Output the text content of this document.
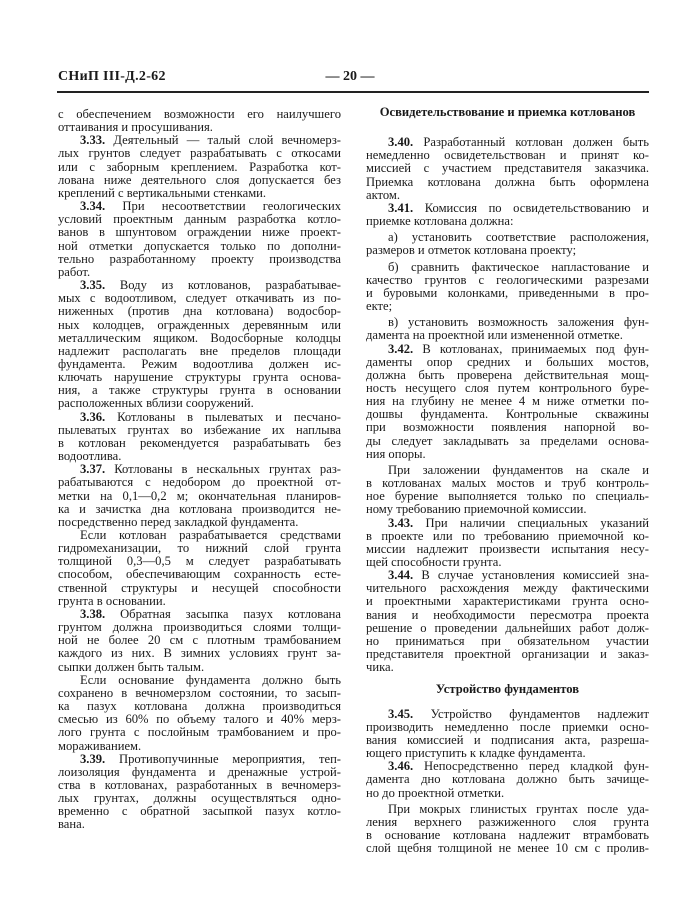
СНиП III-Д.2-62	— 20 —
с обеспечением возможности его наилучшего
оттаивания и просушивания.
3.33. Деятельный — талый слой вечномерз-
лых грунтов следует разрабатывать с откосами
или с заборным креплением. Разработка кот-
лована ниже деятельного слоя допускается без
креплений с вертикальными стенками.
3.34. При несоответствии геологических
условий проектным данным разработка котло-
ванов в шпунтовом ограждении ниже проект-
ной отметки допускается только по дополни-
тельно разработанному проекту производства
работ.
3.35. Воду из котлованов, разрабатывае-
мых с водоотливом, следует откачивать из по-
ниженных (против дна котлована) водосбор-
ных колодцев, огражденных деревянным или
металлическим ящиком. Водосборные колодцы
надлежит располагать вне пределов площади
фундамента. Режим водоотлива должен ис-
ключать нарушение структуры грунта основа-
ния, а также структуры грунта в основании
расположенных вблизи сооружений.
3.36. Котлованы в пылеватых и песчано-
пылеватых грунтах во избежание их наплыва
в котлован рекомендуется разрабатывать без
водоотлива.
3.37. Котлованы в нескальных грунтах раз-
рабатываются с недобором до проектной от-
метки на 0,1—0,2 м; окончательная планиров-
ка и зачистка дна котлована производится не-
посредственно перед закладкой фундамента.
Если котлован разрабатывается средствами
гидромеханизации, то нижний слой грунта
толщиной 0,3—0,5 м следует разрабатывать
способом, обеспечивающим сохранность есте-
ственной структуры и несущей способности
грунта в основании.
3.38. Обратная засыпка пазух котлована
грунтом должна производиться слоями толщи-
ной не более 20 см с плотным трамбованием
каждого из них. В зимних условиях грунт за-
сыпки должен быть талым.
Если основание фундамента должно быть
сохранено в вечномерзлом состоянии, то засып-
ка пазух котлована должна производиться
смесью из 60% по объему талого и 40% мерз-
лого грунта с послойным трамбованием и про-
мораживанием.
3.39. Противопучинные мероприятия, теп-
лоизоляция фундамента и дренажные устрой-
ства в котлованах, разработанных в вечномерз-
лых грунтах, должны осуществляться одно-
временно с обратной засыпкой пазух котло-
вана.
Освидетельствование и приемка котлованов
3.40. Разработанный котлован должен быть
немедленно освидетельствован и принят ко-
миссией с участием представителя заказчика.
Приемка котлована должна быть оформлена
актом.
3.41. Комиссия по освидетельствованию и
приемке котлована должна:
а) установить соответствие расположения,
размеров и отметок котлована проекту;
б) сравнить фактическое напластование и
качество грунтов с геологическими разрезами
и буровыми колонками, приведенными в про-
екте;
в) установить возможность заложения фун-
дамента на проектной или измененной отметке.
3.42. В котлованах, принимаемых под фун-
даменты опор средних и больших мостов,
должна быть проверена действительная мощ-
ность несущего слоя путем контрольного буре-
ния на глубину не менее 4 м ниже отметки по-
дошвы фундамента. Контрольные скважины
при возможности появления напорной во-
ды следует закладывать за пределами основа-
ния опоры.
При заложении фундаментов на скале и
в котлованах малых мостов и труб контроль-
ное бурение выполняется только по специаль-
ному требованию приемочной комиссии.
3.43. При наличии специальных указаний
в проекте или по требованию приемочной ко-
миссии надлежит произвести испытания несу-
щей способности грунта.
3.44. В случае установления комиссией зна-
чительного расхождения между фактическими
и проектными характеристиками грунта осно-
вания и необходимости пересмотра проекта
решение о проведении дальнейших работ долж-
но приниматься при обязательном участии
представителя проектной организации и заказ-
чика.
Устройство фундаментов
3.45. Устройство фундаментов надлежит
производить немедленно после приемки осно-
вания комиссией и подписания акта, разреша-
ющего приступить к кладке фундамента.
3.46. Непосредственно перед кладкой фун-
дамента дно котлована должно быть зачище-
но до проектной отметки.
При мокрых глинистых грунтах после уда-
ления верхнего разжиженного слоя грунта
в основание котлована надлежит втрамбовать
слой щебня толщиной не менее 10 см с пролив-
